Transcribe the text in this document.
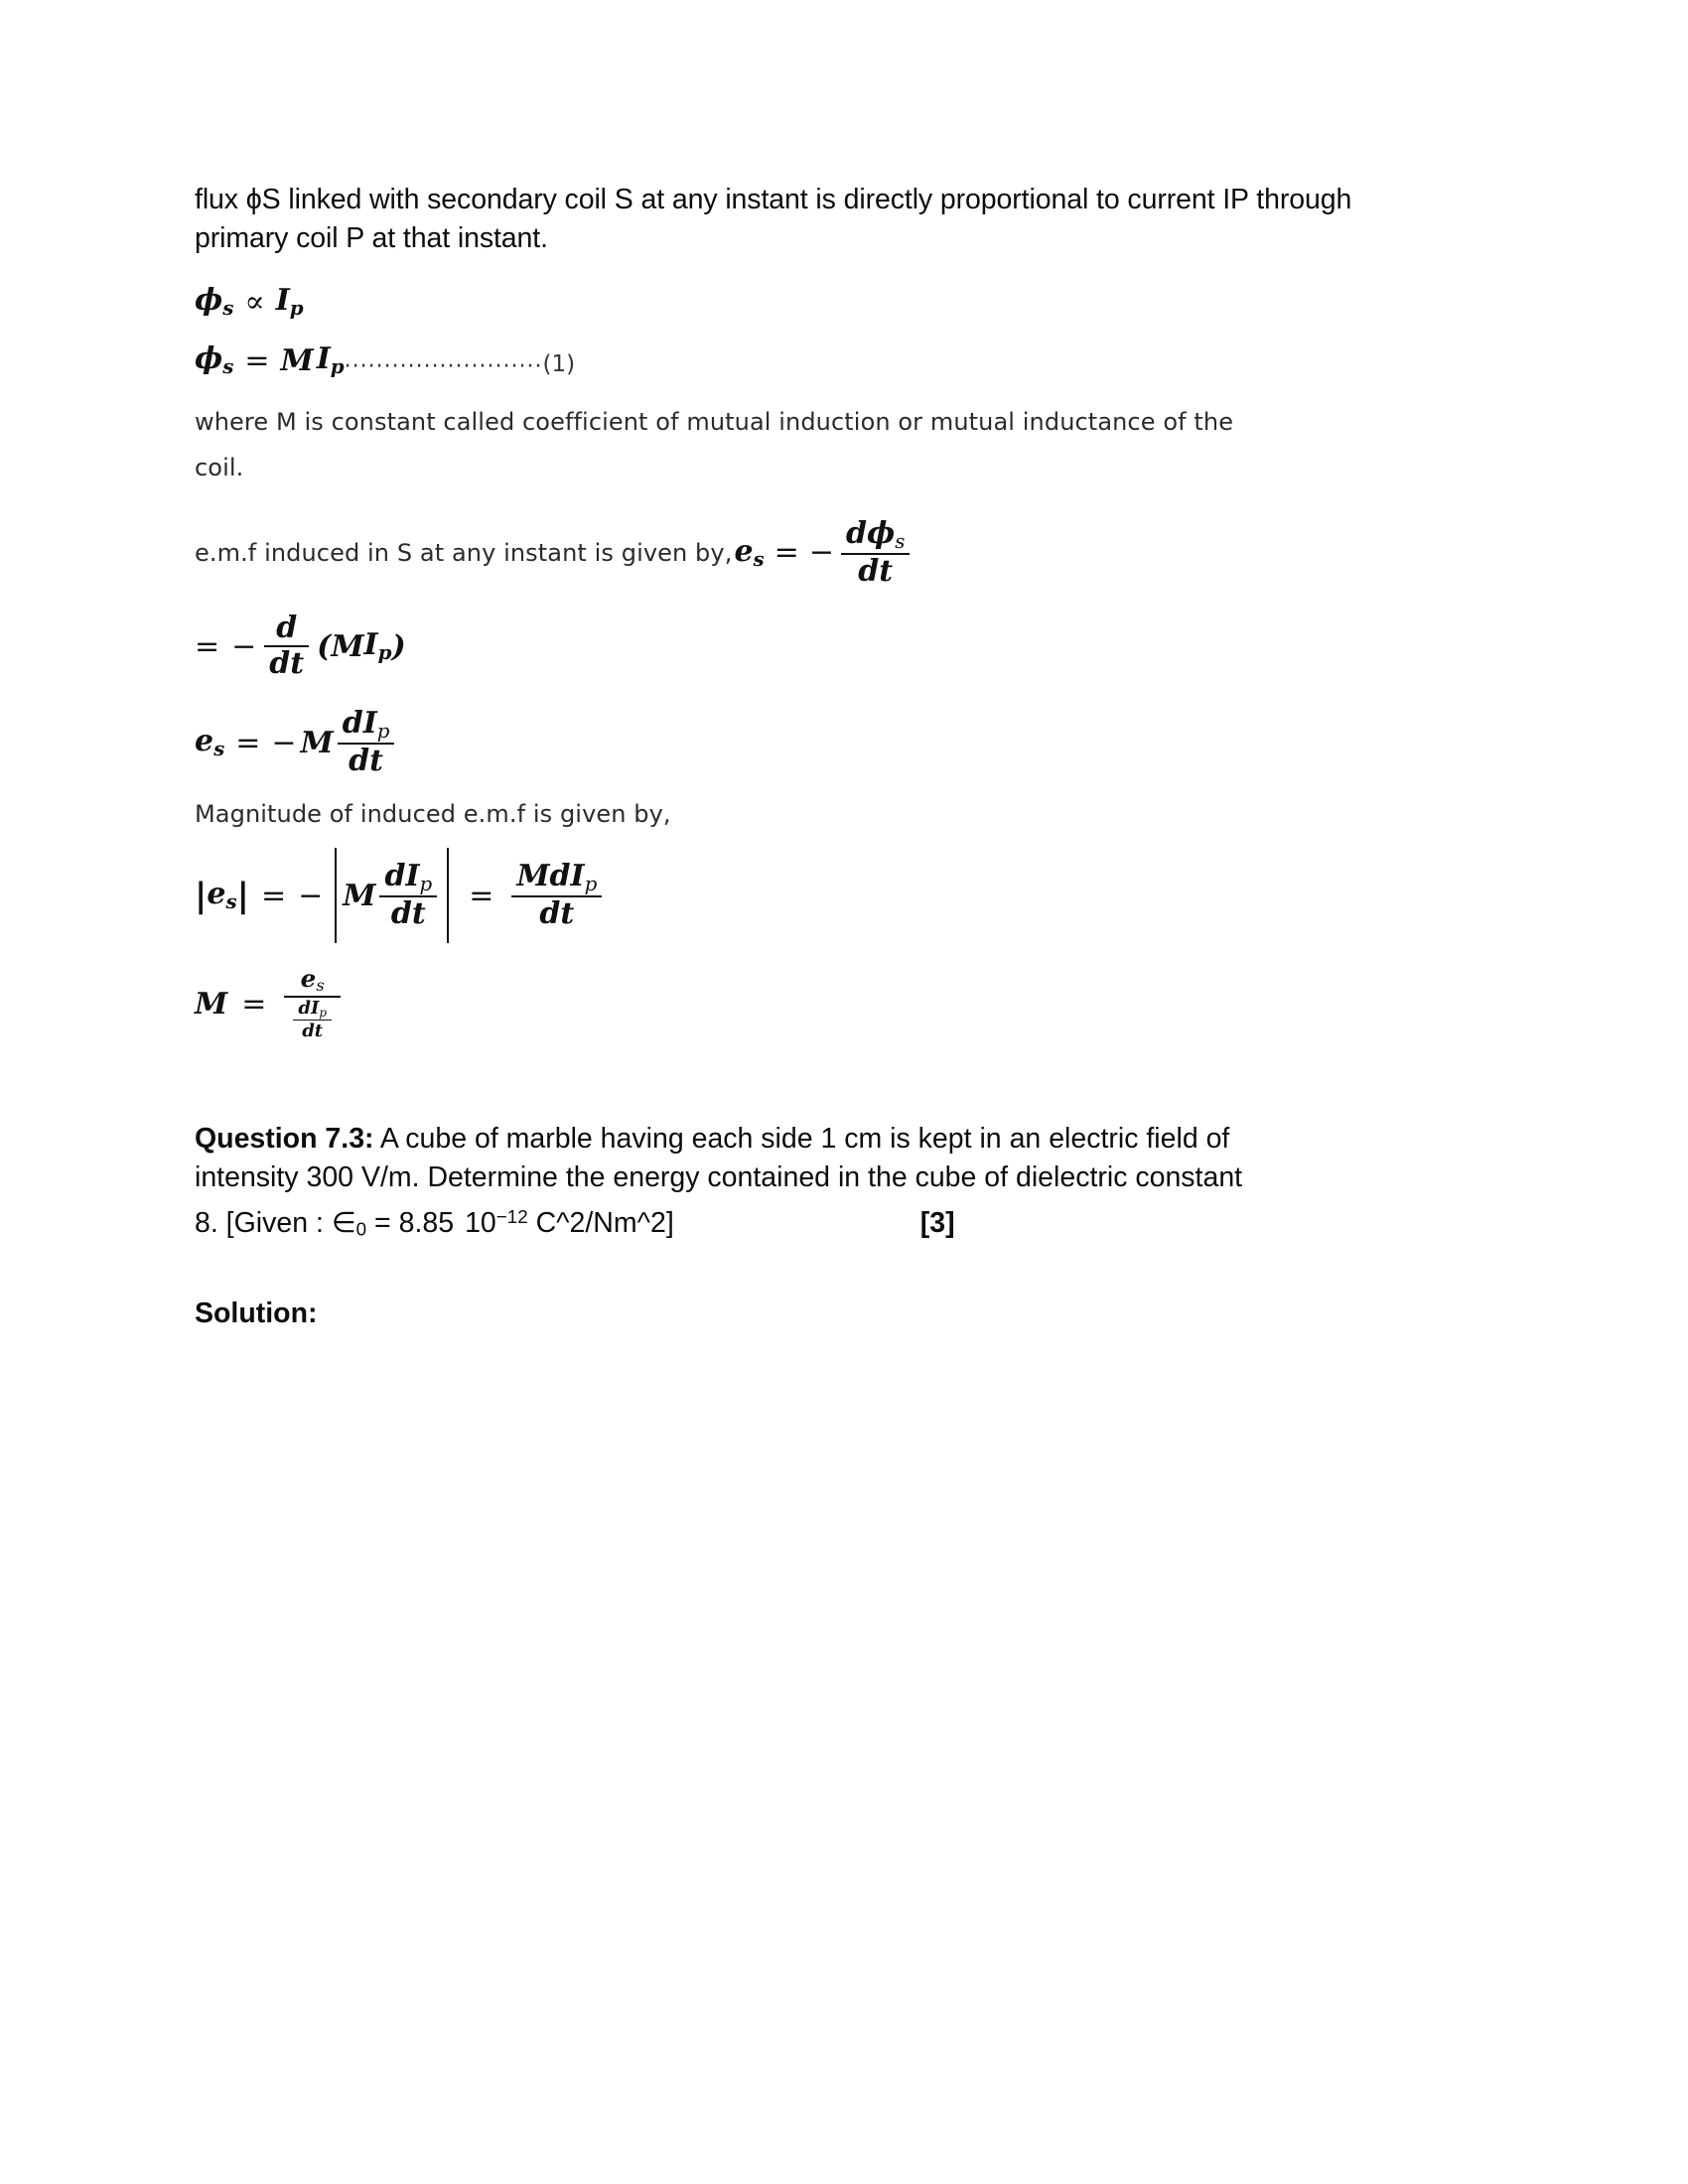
flux ϕS linked with secondary coil S at any instant is directly proportional to current IP through primary coil P at that instant.
$\phi_s \propto I_p$
$\phi_s = M$ $I_p$ ························· (1)
where M is constant called coefficient of mutual induction or mutual inductance of the
coil.
e.m.f induced in S at any instant is given by, $e_s$ = − $\frac{d\phi_s}{dt}$
= − $\frac{d}{dt}$ ( M $I_p$ )
$e_s$ = − M $\frac{dI_p}{dt}$
Magnitude of induced e.m.f is given by,
| $e_s$ | = − M $\frac{dI_p}{dt}$	= $\frac{MdI_p}{dt}$
$M = \frac{e_s}{\frac{dI_p}{dt}}$
Question 7.3: A cube of marble having each side 1 cm is kept in an electric field of
intensity 300 V/m. Determine the energy contained in the cube of dielectric constant
8. [Given : $\in_0 = 8.85$ $10^{-12}$ C^2/Nm^2]	[3]
Solution:
